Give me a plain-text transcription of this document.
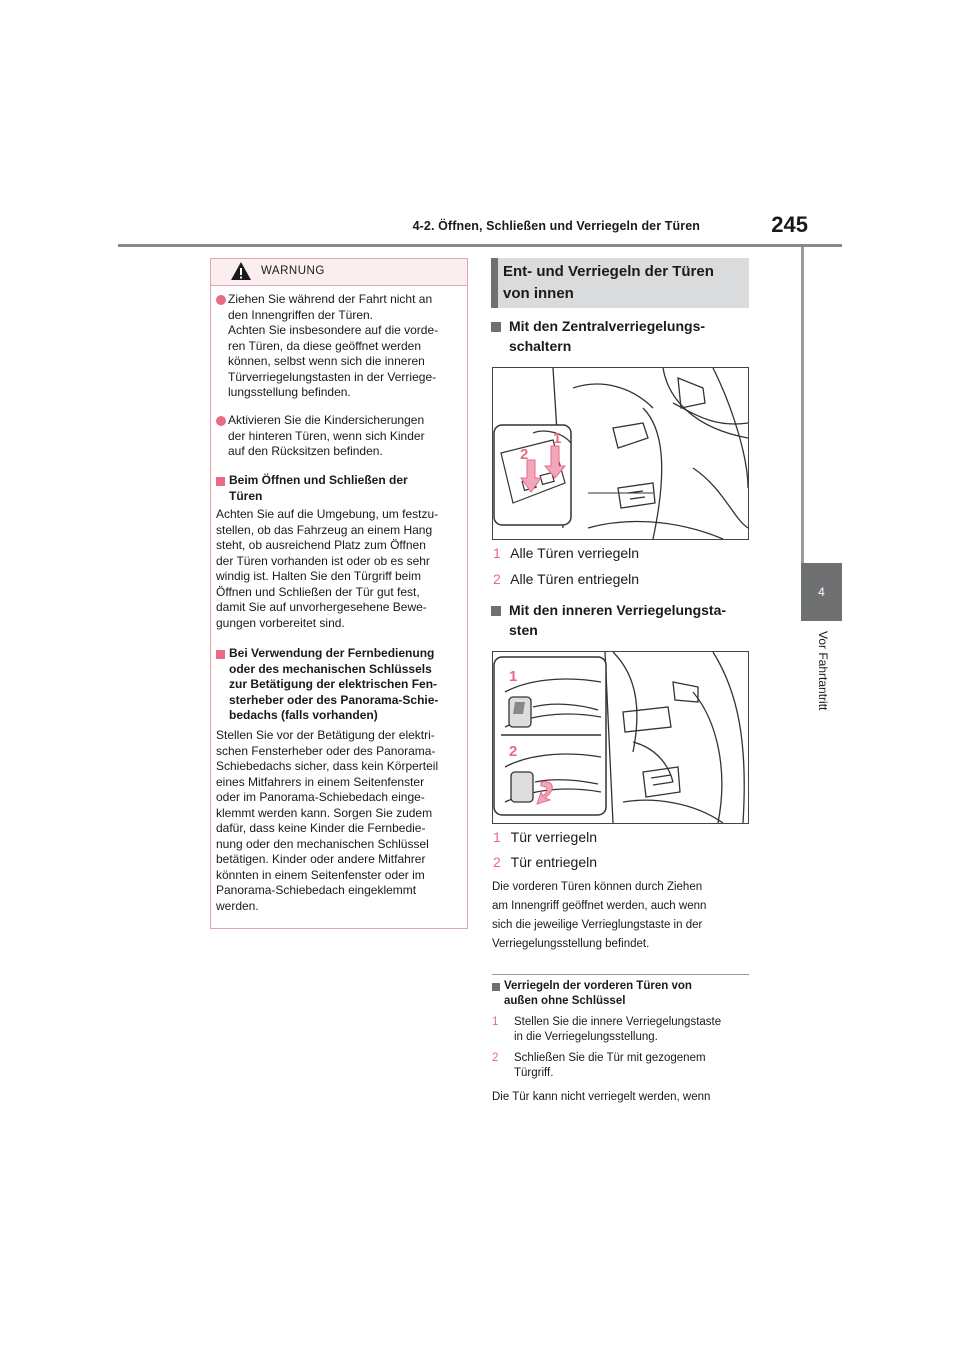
4-2. Öffnen, Schließen und Verriegeln der Türen	245
4
Vor Fahrtantritt
WARNUNG
Ziehen Sie während der Fahrt nicht an
den Innengriffen der Türen.
Achten Sie insbesondere auf die vorde-
ren Türen, da diese geöffnet werden
können, selbst wenn sich die inneren
Türverriegelungstasten in der Verriege-
lungsstellung befinden.
Aktivieren Sie die Kindersicherungen
der hinteren Türen, wenn sich Kinder
auf den Rücksitzen befinden.
Beim Öffnen und Schließen der
Türen
Achten Sie auf die Umgebung, um festzu-
stellen, ob das Fahrzeug an einem Hang
steht, ob ausreichend Platz zum Öffnen
der Türen vorhanden ist oder ob es sehr
windig ist. Halten Sie den Türgriff beim
Öffnen und Schließen der Tür gut fest,
damit Sie auf unvorhergesehene Bewe-
gungen vorbereitet sind.
Bei Verwendung der Fernbedienung
oder des mechanischen Schlüssels
zur Betätigung der elektrischen Fen-
sterheber oder des Panorama-Schie-
bedachs (falls vorhanden)
Stellen Sie vor der Betätigung der elektri-
schen Fensterheber oder des Panorama-
Schiebedachs sicher, dass kein Körperteil
eines Mitfahrers in einem Seitenfenster
oder im Panorama-Schiebedach einge-
klemmt werden kann. Sorgen Sie zudem
dafür, dass keine Kinder die Fernbedie-
nung oder den mechanischen Schlüssel
betätigen. Kinder oder andere Mitfahrer
könnten in einem Seitenfenster oder im
Panorama-Schiebedach eingeklemmt
werden.
Ent- und Verriegeln der Türen
von innen
Mit den Zentralverriegelungs-
schaltern
1
2
1 Alle Türen verriegeln
2 Alle Türen entriegeln
Mit den inneren Verriegelungsta-
sten
1
2
1 Tür verriegeln
2 Tür entriegeln
Die vorderen Türen können durch Ziehen
am Innengriff geöffnet werden, auch wenn
sich die jeweilige Verrieglungstaste in der
Verriegelungsstellung befindet.
Verriegeln der vorderen Türen von
außen ohne Schlüssel
1	Stellen Sie die innere Verriegelungstaste
in die Verriegelungsstellung.
2	Schließen Sie die Tür mit gezogenem
Türgriff.
Die Tür kann nicht verriegelt werden, wenn
